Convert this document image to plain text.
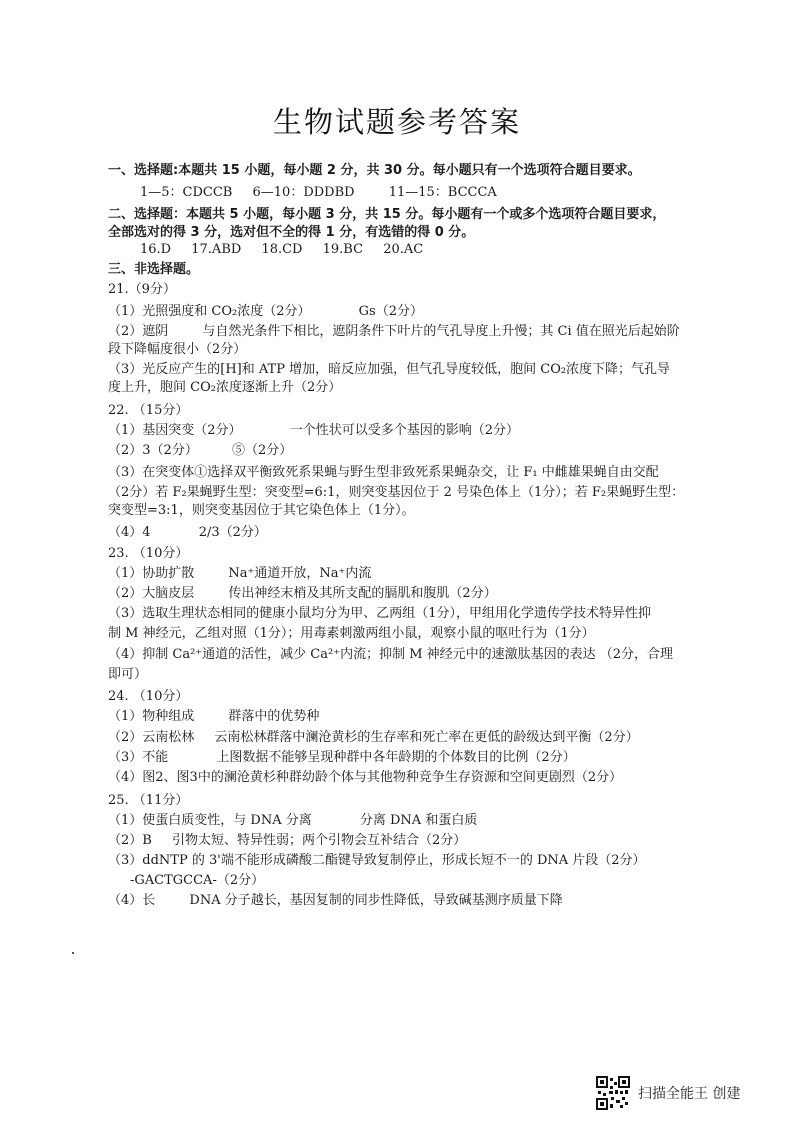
生物试题参考答案
一、选择题:本题共 15 小题，每小题 2 分，共 30 分。每小题只有一个选项符合题目要求。
1—5：CDCCB 6—10：DDDBD	11—15：BCCCA
二、选择题：本题共 5 小题，每小题 3 分，共 15 分。每小题有一个或多个选项符合题目要求，
全部选对的得 3 分，选对但不全的得 1 分，有选错的得 0 分。
16.D 17.ABD 18.CD 19.BC 20.AC
三、非选择题。
21.（9分）
（1）光照强度和 CO₂浓度（2分）	Gs（2分）
（2）遮阴	与自然光条件下相比，遮阴条件下叶片的气孔导度上升慢；其 Ci 值在照光后起始阶
段下降幅度很小（2分）
（3）光反应产生的[H]和 ATP 增加，暗反应加强，但气孔导度较低，胞间 CO₂浓度下降；气孔导
度上升，胞间 CO₂浓度逐渐上升（2分）
22. （15分）
（1）基因突变（2分）	一个性状可以受多个基因的影响（2分）
（2）3（2分）	⑤（2分）
（3）在突变体①选择双平衡致死系果蝇与野生型非致死系果蝇杂交，让 F₁ 中雌雄果蝇自由交配
（2分）若 F₂果蝇野生型：突变型=6:1，则突变基因位于 2 号染色体上（1分）；若 F₂果蝇野生型：
突变型=3:1，则突变基因位于其它染色体上（1分）。
（4）4	2/3（2分）
23. （10分）
（1）协助扩散	Na⁺通道开放，Na⁺内流
（2）大脑皮层	传出神经末梢及其所支配的膈肌和腹肌（2分）
（3）选取生理状态相同的健康小鼠均分为甲、乙两组（1分），甲组用化学遗传学技术特异性抑
制 M 神经元，乙组对照（1分）；用毒素刺激两组小鼠，观察小鼠的呕吐行为（1分）
（4）抑制 Ca²⁺通道的活性，减少 Ca²⁺内流；抑制 M 神经元中的速激肽基因的表达 （2分，合理
即可）
24. （10分）
（1）物种组成	群落中的优势种
（2）云南松林 云南松林群落中澜沧黄杉的生存率和死亡率在更低的龄级达到平衡（2分）
（3）不能	上图数据不能够呈现种群中各年龄期的个体数目的比例（2分）
（4）图2、图3中的澜沧黄杉种群幼龄个体与其他物种竞争生存资源和空间更剧烈（2分）
25. （11分）
（1）使蛋白质变性，与 DNA 分离	分离 DNA 和蛋白质
（2）B 引物太短、特异性弱；两个引物会互补结合（2分）
（3）ddNTP 的 3'端不能形成磷酸二酯键导致复制停止，形成长短不一的 DNA 片段（2分）
-GACTGCCA-（2分）
（4）长	DNA 分子越长，基因复制的同步性降低，导致碱基测序质量下降
扫描全能王 创建
